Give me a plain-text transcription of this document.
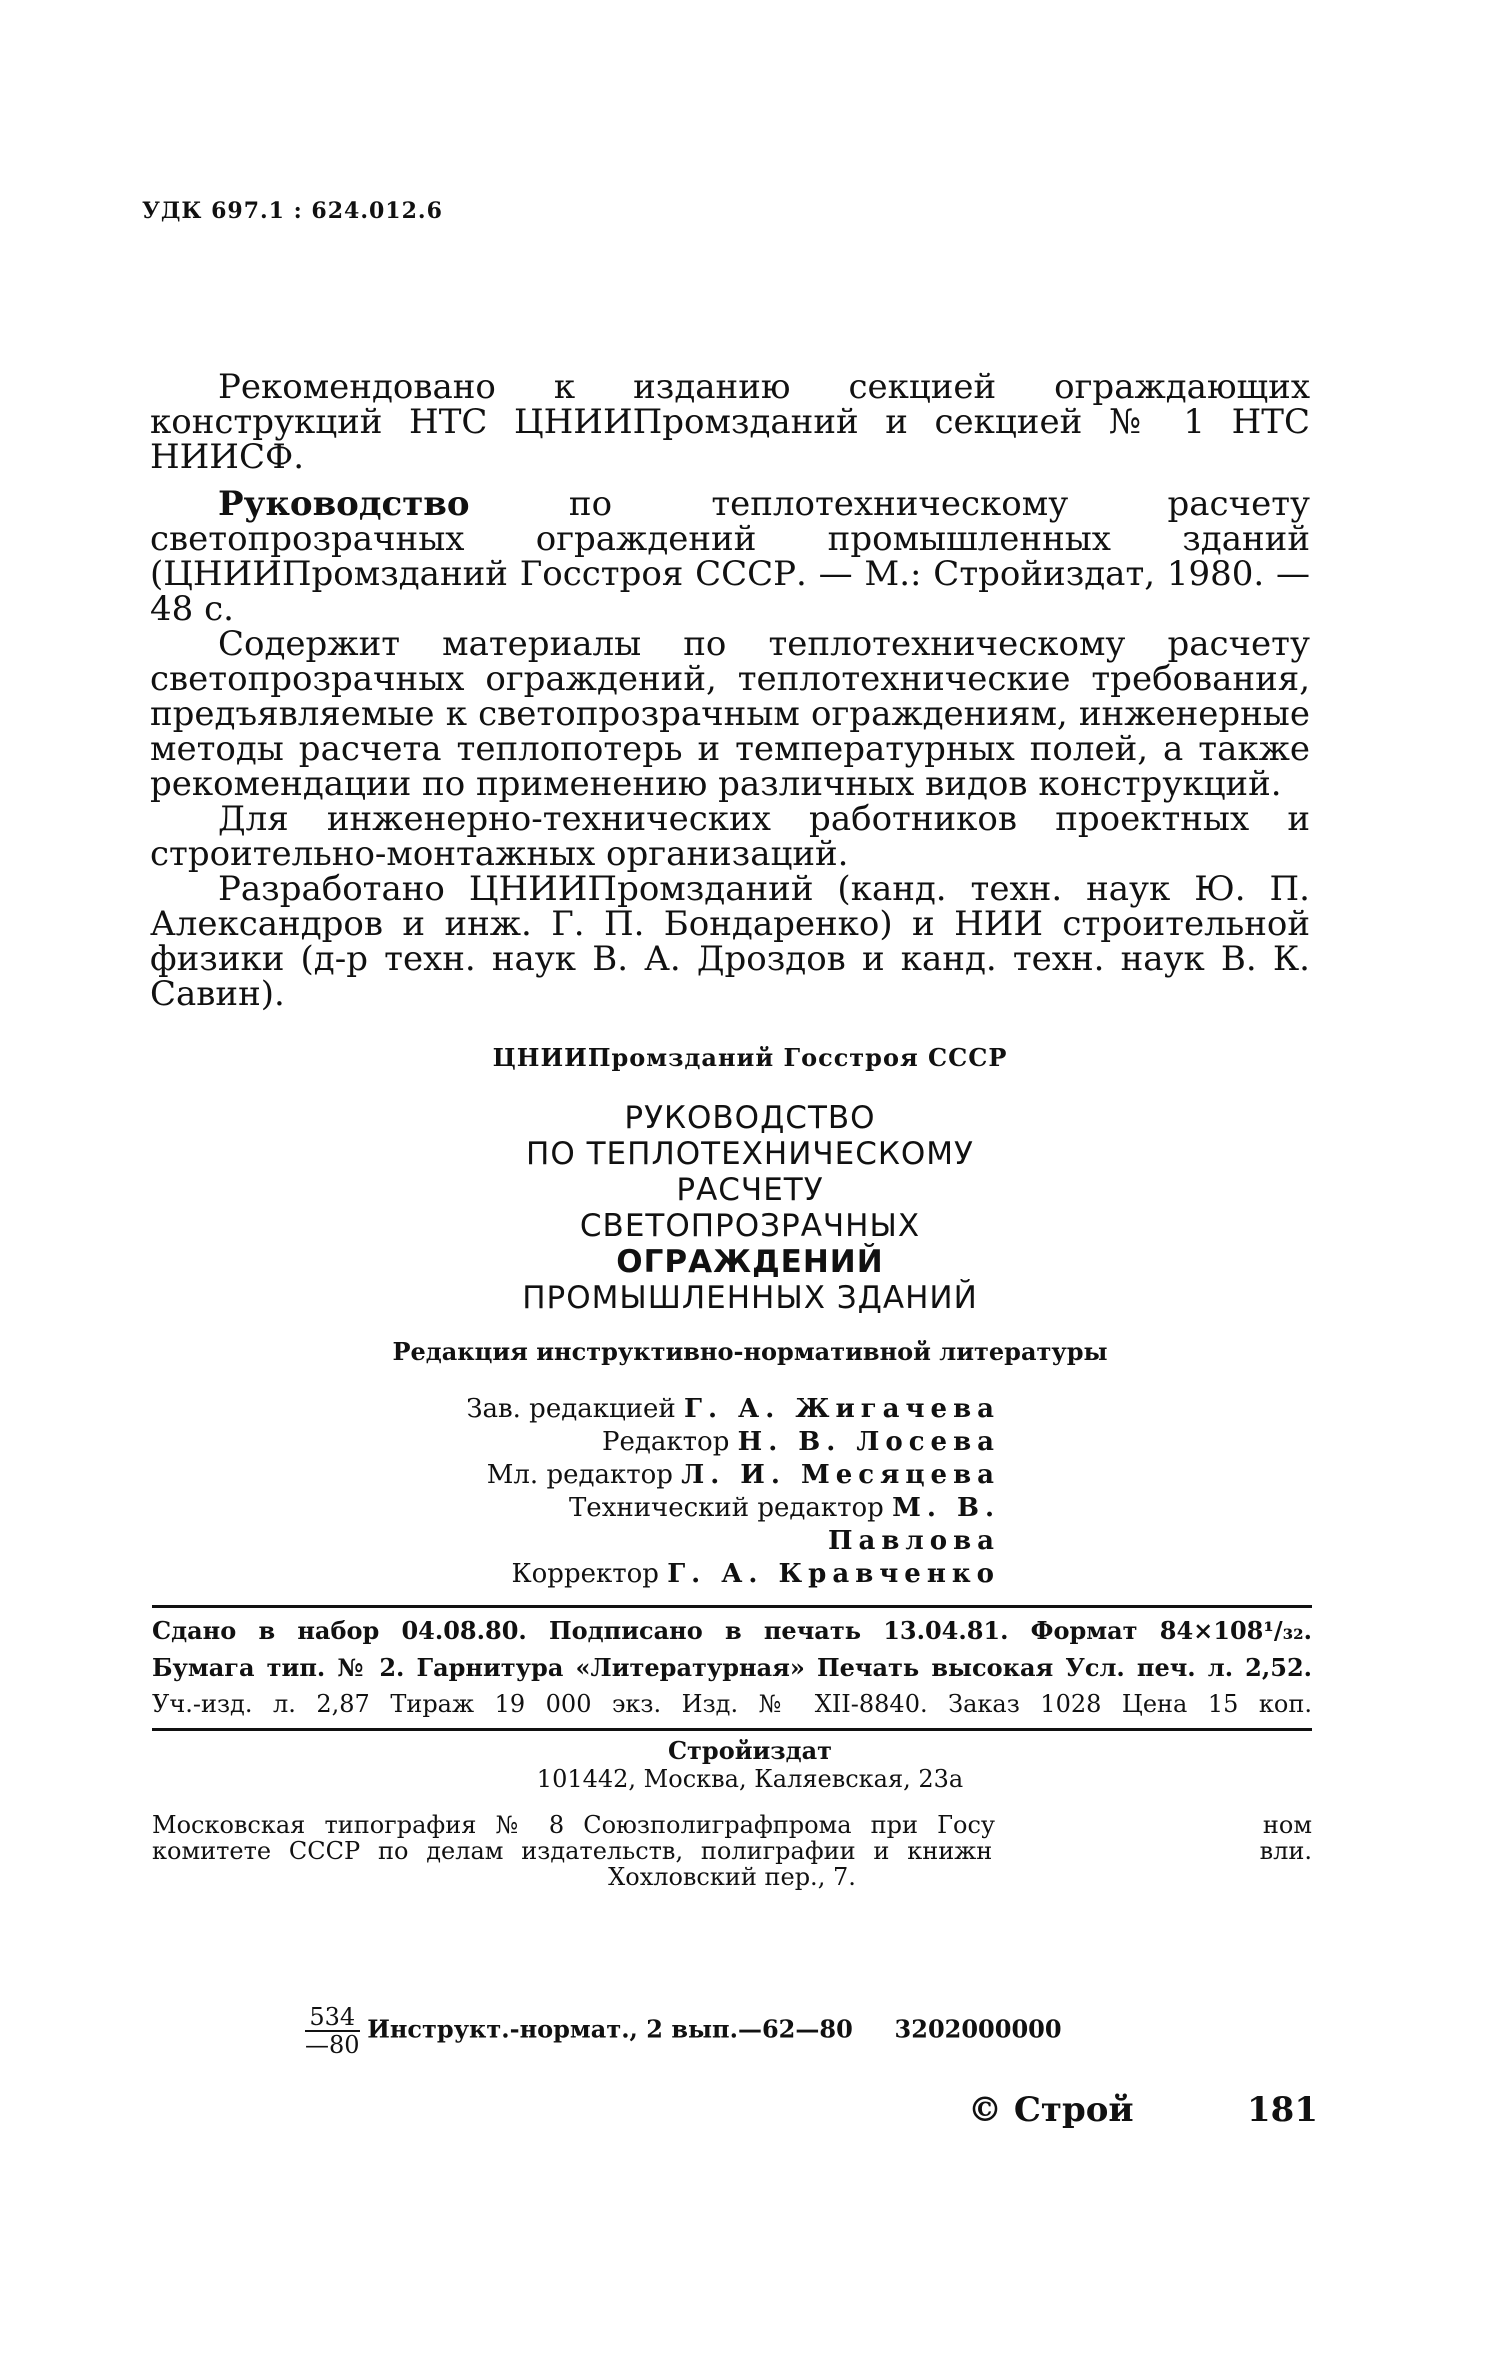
УДК 697.1 : 624.012.6

Рекомендовано к изданию секцией ограждающих конструкций НТС ЦНИИПромзданий и секцией № 1 НТС НИИСФ.

Руководство	по теплотехническому расчету светопрозрачных ограждений промышленных зданий (ЦНИИПромзданий Госстроя СССР. — М.: Стройиздат, 1980. — 48 с.

Содержит материалы по теплотехническому расчету светопрозрачных ограждений, теплотехнические требования, предъявляемые к светопрозрачным ограждениям, инженерные методы расчета теплопотерь и температурных полей, а также рекомендации по применению различных видов конструкций.

Для инженерно-технических работников проектных и строительно-монтажных организаций.

Разработано ЦНИИПромзданий (канд. техн. наук Ю. П. Александров и инж. Г. П. Бондаренко) и НИИ строительной физики (д-р техн. наук В. А. Дроздов и канд. техн. наук В. К. Савин).

ЦНИИПромзданий Госстроя СССР
РУКОВОДСТВО
ПО ТЕПЛОТЕХНИЧЕСКОМУ
РАСЧЕТУ
СВЕТОПРОЗРАЧНЫХ
ОГРАЖДЕНИЙ
ПРОМЫШЛЕННЫХ ЗДАНИЙ
Редакция инструктивно-нормативной литературы
Зав. редакцией Г. А. Жигачева
Редактор Н. В. Лосева
Мл. редактор Л. И. Месяцева
Технический редактор М. В. Павлова
Корректор Г. А. Кравченко
Сдано в набор 04.08.80. Подписано в печать 13.04.81. Формат 84×108¹/₃₂.
Бумага тип. № 2. Гарнитура «Литературная» Печать высокая Усл. печ. л. 2,52.
Уч.-изд. л. 2,87 Тираж 19 000 экз. Изд. № XII-8840. Заказ 1028 Цена 15 коп.
Стройиздат
101442, Москва, Каляевская, 23а
Московская типография № 8 Союзполиграфпрома при Госу              ном
комитете СССР по делам издательств, полиграфии и книжн               вли.
Хохловский пер., 7.
$\frac{534}{—80}$ Инструкт.-нормат., 2 вып.—62—80     3202000000
© Строй	181
